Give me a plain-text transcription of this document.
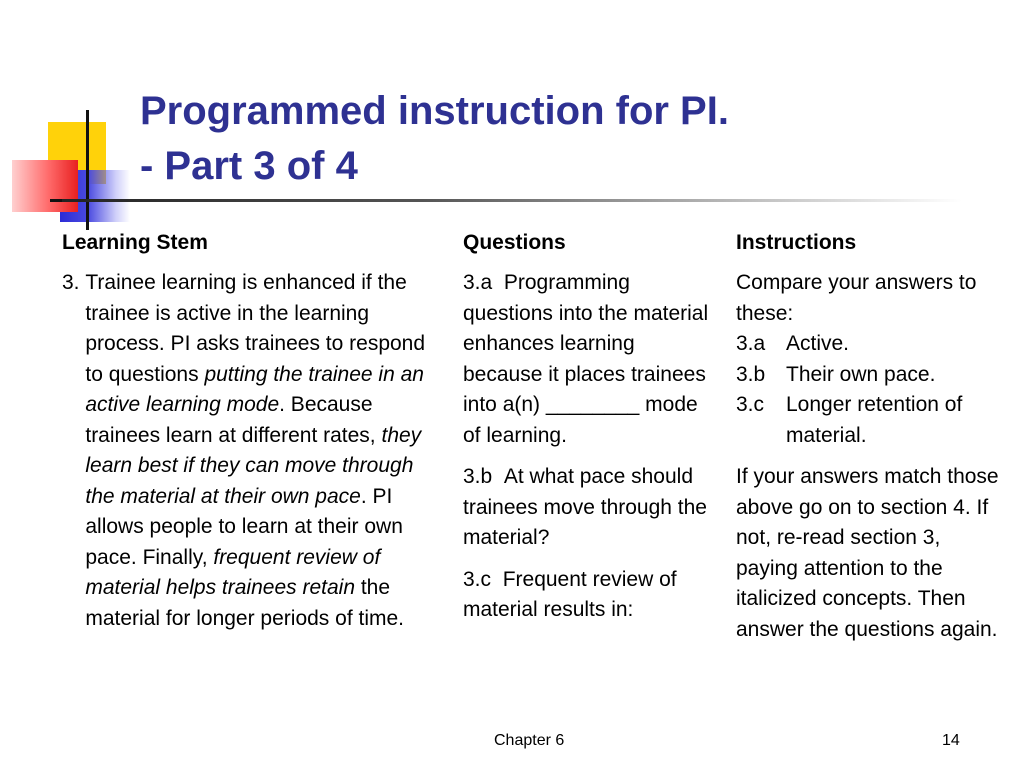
Programmed instruction for PI.
- Part 3 of 4
Learning Stem
3.
Trainee learning is enhanced if the trainee is active in the learning process. PI asks trainees to respond to questions putting the trainee in an active learning mode. Because trainees learn at different rates, they learn best if they can move through the material at their own pace. PI allows people to learn at their own pace. Finally, frequent review of material helps trainees retain the material for longer periods of time.
Questions
3.a Programming questions into the material enhances learning because it places trainees into a(n) ________ mode of learning.
3.b At what pace should trainees move through the material?
3.c Frequent review of material results in:
Instructions

Compare your answers to these:

3.a Active.
3.b Their own pace.
3.c	Longer retention of material.

If your answers match those above go on to section 4. If not, re-read section 3, paying attention to the italicized concepts. Then answer the questions again.

Chapter 6	14
